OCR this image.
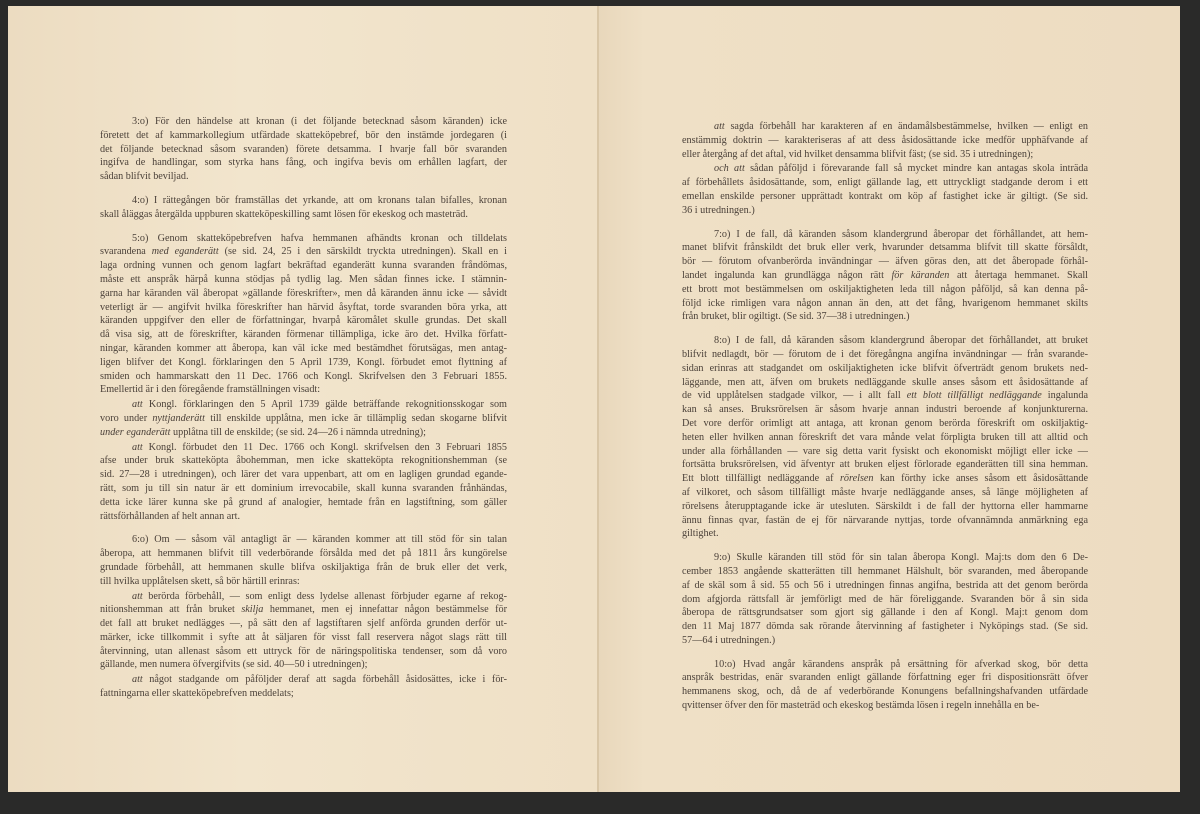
3:o) För den händelse att kronan (i det följande betecknad såsom käranden) icke
företett det af kammarkollegium utfärdade skatteköpebref, bör den instämde jordegaren (i
det följande betecknad såsom svaranden) förete detsamma. I hvarje fall bör svaranden
ingifva de handlingar, som styrka hans fång, och ingifva bevis om erhållen lagfart, der
sådan blifvit beviljad.
4:o) I rättegången bör framställas det yrkande, att om kronans talan bifalles, kronan
skall åläggas återgälda uppburen skatteköpeskilling samt lösen för ekeskog och masteträd.
5:o) Genom skatteköpebrefven hafva hemmanen afhändts kronan och tilldelats
svarandena med eganderätt (se sid. 24, 25 i den särskildt tryckta utredningen). Skall en i
laga ordning vunnen och genom lagfart bekräftad eganderätt kunna svaranden fråndömas,
måste ett anspråk härpå kunna stödjas på tydlig lag. Men sådan finnes icke. I stämnin-
garna har käranden väl åberopat »gällande föreskrifter», men då käranden ännu icke — såvidt
veterligt är — angifvit hvilka föreskrifter han härvid åsyftat, torde svaranden böra yrka, att
käranden uppgifver den eller de författningar, hvarpå käromålet skulle grundas. Det skall
då visa sig, att de föreskrifter, käranden förmenar tillämpliga, icke äro det. Hvilka författ-
ningar, käranden kommer att åberopa, kan väl icke med bestämdhet förutsägas, men antag-
ligen blifver det Kongl. förklaringen den 5 April 1739, Kongl. förbudet emot flyttning af
smiden och hammarskatt den 11 Dec. 1766 och Kongl. Skrifvelsen den 3 Februari 1855.
Emellertid är i den föregående framställningen visadt:
att Kongl. förklaringen den 5 April 1739 gälde beträffande rekognitionsskogar som
voro under nyttjanderätt till enskilde upplåtna, men icke är tillämplig sedan skogarne blifvit
under eganderätt upplåtna till de enskilde; (se sid. 24—26 i nämnda utredning);
att Kongl. förbudet den 11 Dec. 1766 och Kongl. skrifvelsen den 3 Februari 1855
afse under bruk skatteköpta åbohemman, men icke skatteköpta rekognitionshemman (se
sid. 27—28 i utredningen), och lärer det vara uppenbart, att om en lagligen grundad egande-
rätt, som ju till sin natur är ett dominium irrevocabile, skall kunna svaranden frånhändas,
detta icke lärer kunna ske på grund af analogier, hemtade från en lagstiftning, som gäller
rättsförhållanden af helt annan art.
6:o) Om — såsom väl antagligt är — käranden kommer att till stöd för sin talan
åberopa, att hemmanen blifvit till vederbörande försålda med det på 1811 års kungörelse
grundade förbehåll, att hemmanen skulle blifva oskiljaktiga från de bruk eller det verk,
till hvilka upplåtelsen skett, så bör härtill erinras:
att berörda förbehåll, — som enligt dess lydelse allenast förbjuder egarne af rekog-
nitionshemman att från bruket skilja hemmanet, men ej innefattar någon bestämmelse för
det fall att bruket nedlägges —, på sätt den af lagstiftaren sjelf anförda grunden derför ut-
märker, icke tillkommit i syfte att åt säljaren för visst fall reservera något slags rätt till
återvinning, utan allenast såsom ett uttryck för de näringspolitiska tendenser, som då voro
gällande, men numera öfvergifvits (se sid. 40—50 i utredningen);
att något stadgande om påföljder deraf att sagda förbehåll åsidosättes, icke i för-
fattningarna eller skatteköpebrefven meddelats;
att sagda förbehåll har karakteren af en ändamålsbestämmelse, hvilken — enligt en
enstämmig doktrin — karakteriseras af att dess åsidosättande icke medför upphäfvande af
eller återgång af det aftal, vid hvilket densamma blifvit fäst; (se sid. 35 i utredningen);
och att sådan påföljd i förevarande fall så mycket mindre kan antagas skola inträda
af förbehållets åsidosättande, som, enligt gällande lag, ett uttryckligt stadgande derom i ett
emellan enskilde personer upprättadt kontrakt om köp af fastighet icke är giltigt. (Se sid.
36 i utredningen.)
7:o) I de fall, då käranden såsom klandergrund åberopar det förhållandet, att hem-
manet blifvit frånskildt det bruk eller verk, hvarunder detsamma blifvit till skatte försåldt,
bör — förutom ofvanberörda invändningar — äfven göras den, att det åberopade förhål-
landet ingalunda kan grundlägga någon rätt för käranden att återtaga hemmanet. Skall
ett brott mot bestämmelsen om oskiljaktigheten leda till någon påföljd, så kan denna på-
följd icke rimligen vara någon annan än den, att det fång, hvarigenom hemmanet skilts
från bruket, blir ogiltigt. (Se sid. 37—38 i utredningen.)
8:o) I de fall, då käranden såsom klandergrund åberopar det förhållandet, att bruket
blifvit nedlagdt, bör — förutom de i det föregångna angifna invändningar — från svarande-
sidan erinras att stadgandet om oskiljaktigheten icke blifvit öfverträdt genom brukets ned-
läggande, men att, äfven om brukets nedläggande skulle anses såsom ett åsidosättande af
de vid upplåtelsen stadgade vilkor, — i allt fall ett blott tillfälligt nedläggande ingalunda
kan så anses. Bruksrörelsen är såsom hvarje annan industri beroende af konjunkturerna.
Det vore derför orimligt att antaga, att kronan genom berörda föreskrift om oskiljaktig-
heten eller hvilken annan föreskrift det vara månde velat förpligta bruken till att alltid och
under alla förhållanden — vare sig detta varit fysiskt och ekonomiskt möjligt eller icke —
fortsätta bruksrörelsen, vid äfventyr att bruken eljest förlorade eganderätten till sina hemman.
Ett blott tillfälligt nedläggande af rörelsen kan förthy icke anses såsom ett åsidosättande
af vilkoret, och såsom tillfälligt måste hvarje nedläggande anses, så länge möjligheten af
rörelsens återupptagande icke är utesluten. Särskildt i de fall der hyttorna eller hammarne
ännu finnas qvar, fastän de ej för närvarande nyttjas, torde ofvannämnda anmärkning ega
giltighet.
9:o) Skulle käranden till stöd för sin talan åberopa Kongl. Maj:ts dom den 6 De-
cember 1853 angående skatterätten till hemmanet Hälshult, bör svaranden, med åberopande
af de skäl som å sid. 55 och 56 i utredningen finnas angifna, bestrida att det genom berörda
dom afgjorda rättsfall är jemförligt med de här föreliggande. Svaranden bör å sin sida
åberopa de rättsgrundsatser som gjort sig gällande i den af Kongl. Maj:t genom dom
den 11 Maj 1877 dömda sak rörande återvinning af fastigheter i Nyköpings stad. (Se sid.
57—64 i utredningen.)
10:o) Hvad angår kärandens anspråk på ersättning för afverkad skog, bör detta
anspråk bestridas, enär svaranden enligt gällande författning eger fri dispositionsrätt öfver
hemmanens skog, och, då de af vederbörande Konungens befallningshafvanden utfärdade
qvittenser öfver den för masteträd och ekeskog bestämda lösen i regeln innehålla en be-
